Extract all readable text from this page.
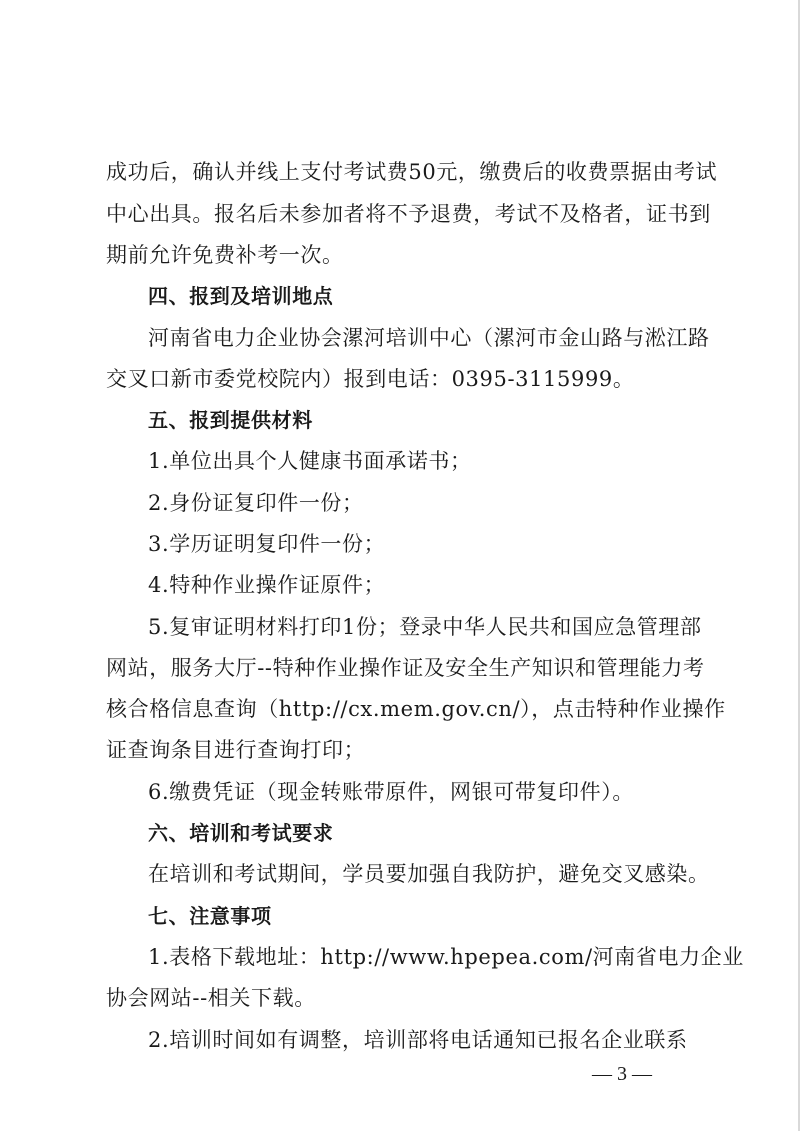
成功后，确认并线上支付考试费50元，缴费后的收费票据由考试
中心出具。报名后未参加者将不予退费，考试不及格者，证书到
期前允许免费补考一次。
四、报到及培训地点
河南省电力企业协会漯河培训中心（漯河市金山路与淞江路
交叉口新市委党校院内）报到电话：0395-3115999。
五、报到提供材料
1.单位出具个人健康书面承诺书；
2.身份证复印件一份；
3.学历证明复印件一份；
4.特种作业操作证原件；
5.复审证明材料打印1份；登录中华人民共和国应急管理部
网站，服务大厅--特种作业操作证及安全生产知识和管理能力考
核合格信息查询（http://cx.mem.gov.cn/），点击特种作业操作
证查询条目进行查询打印；
6.缴费凭证（现金转账带原件，网银可带复印件）。
六、培训和考试要求
在培训和考试期间，学员要加强自我防护，避免交叉感染。
七、注意事项
1.表格下载地址：http://www.hpepea.com/河南省电力企业
协会网站--相关下载。
2.培训时间如有调整，培训部将电话通知已报名企业联系
— 3 —
